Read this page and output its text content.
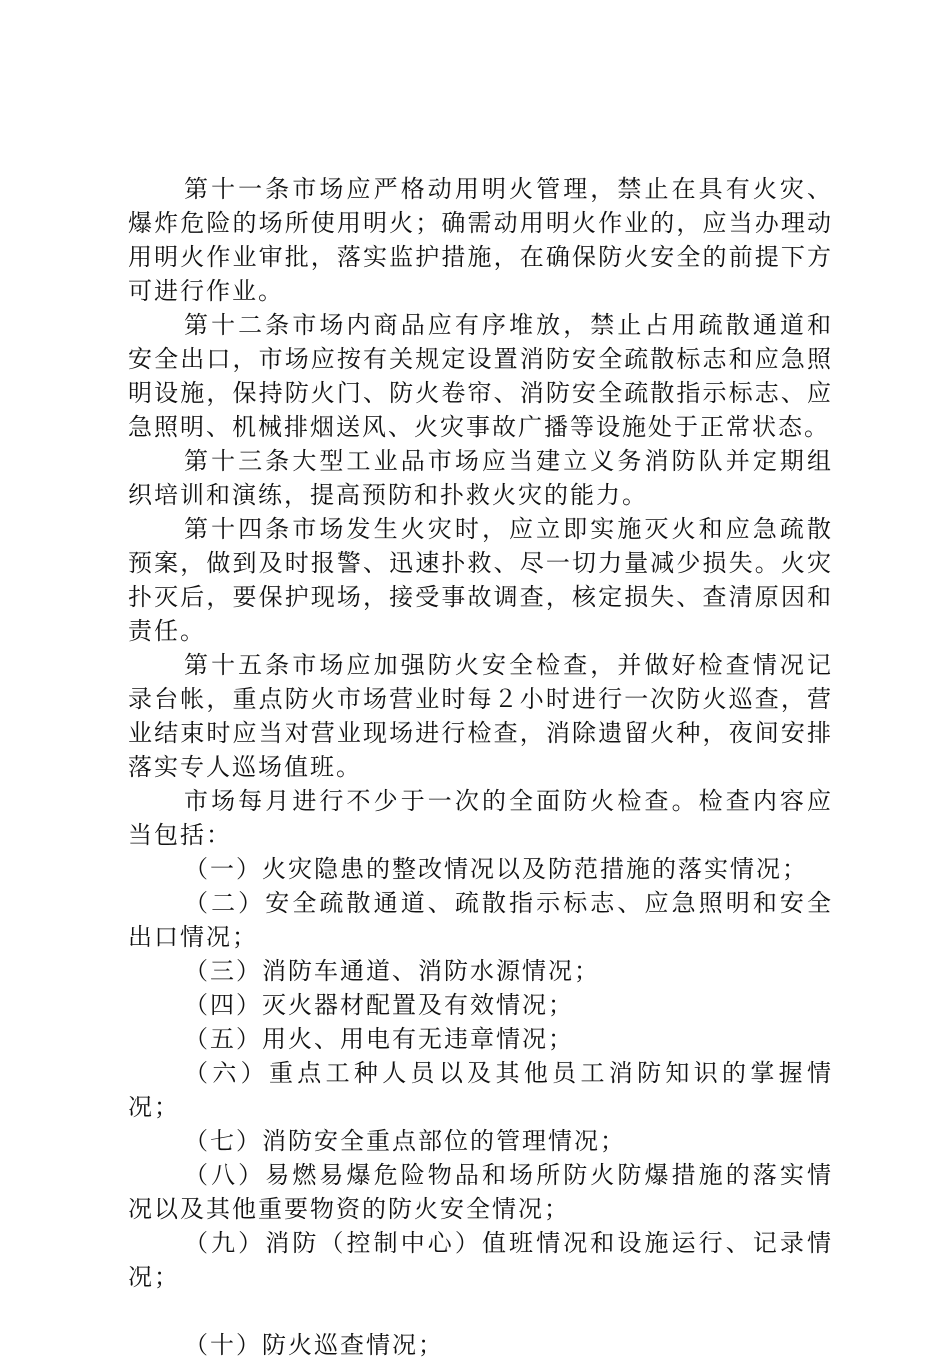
第十一条市场应严格动用明火管理，禁止在具有火灾、爆炸危险的场所使用明火；确需动用明火作业的，应当办理动用明火作业审批，落实监护措施，在确保防火安全的前提下方可进行作业。

第十二条市场内商品应有序堆放，禁止占用疏散通道和安全出口，市场应按有关规定设置消防安全疏散标志和应急照明设施，保持防火门、防火卷帘、消防安全疏散指示标志、应急照明、机械排烟送风、火灾事故广播等设施处于正常状态。

第十三条大型工业品市场应当建立义务消防队并定期组织培训和演练，提高预防和扑救火灾的能力。

第十四条市场发生火灾时，应立即实施灭火和应急疏散预案，做到及时报警、迅速扑救、尽一切力量减少损失。火灾扑灭后，要保护现场，接受事故调查，核定损失、查清原因和责任。

第十五条市场应加强防火安全检查，并做好检查情况记录台帐，重点防火市场营业时每２小时进行一次防火巡查，营业结束时应当对营业现场进行检查，消除遗留火种，夜间安排落实专人巡场值班。

市场每月进行不少于一次的全面防火检查。检查内容应当包括：

（一）火灾隐患的整改情况以及防范措施的落实情况；

（二）安全疏散通道、疏散指示标志、应急照明和安全出口情况；

（三）消防车通道、消防水源情况；

（四）灭火器材配置及有效情况；

（五）用火、用电有无违章情况；

（六）重点工种人员以及其他员工消防知识的掌握情况；

（七）消防安全重点部位的管理情况；

（八）易燃易爆危险物品和场所防火防爆措施的落实情况以及其他重要物资的防火安全情况；

（九）消防（控制中心）值班情况和设施运行、记录情况；

（十）防火巡查情况；
